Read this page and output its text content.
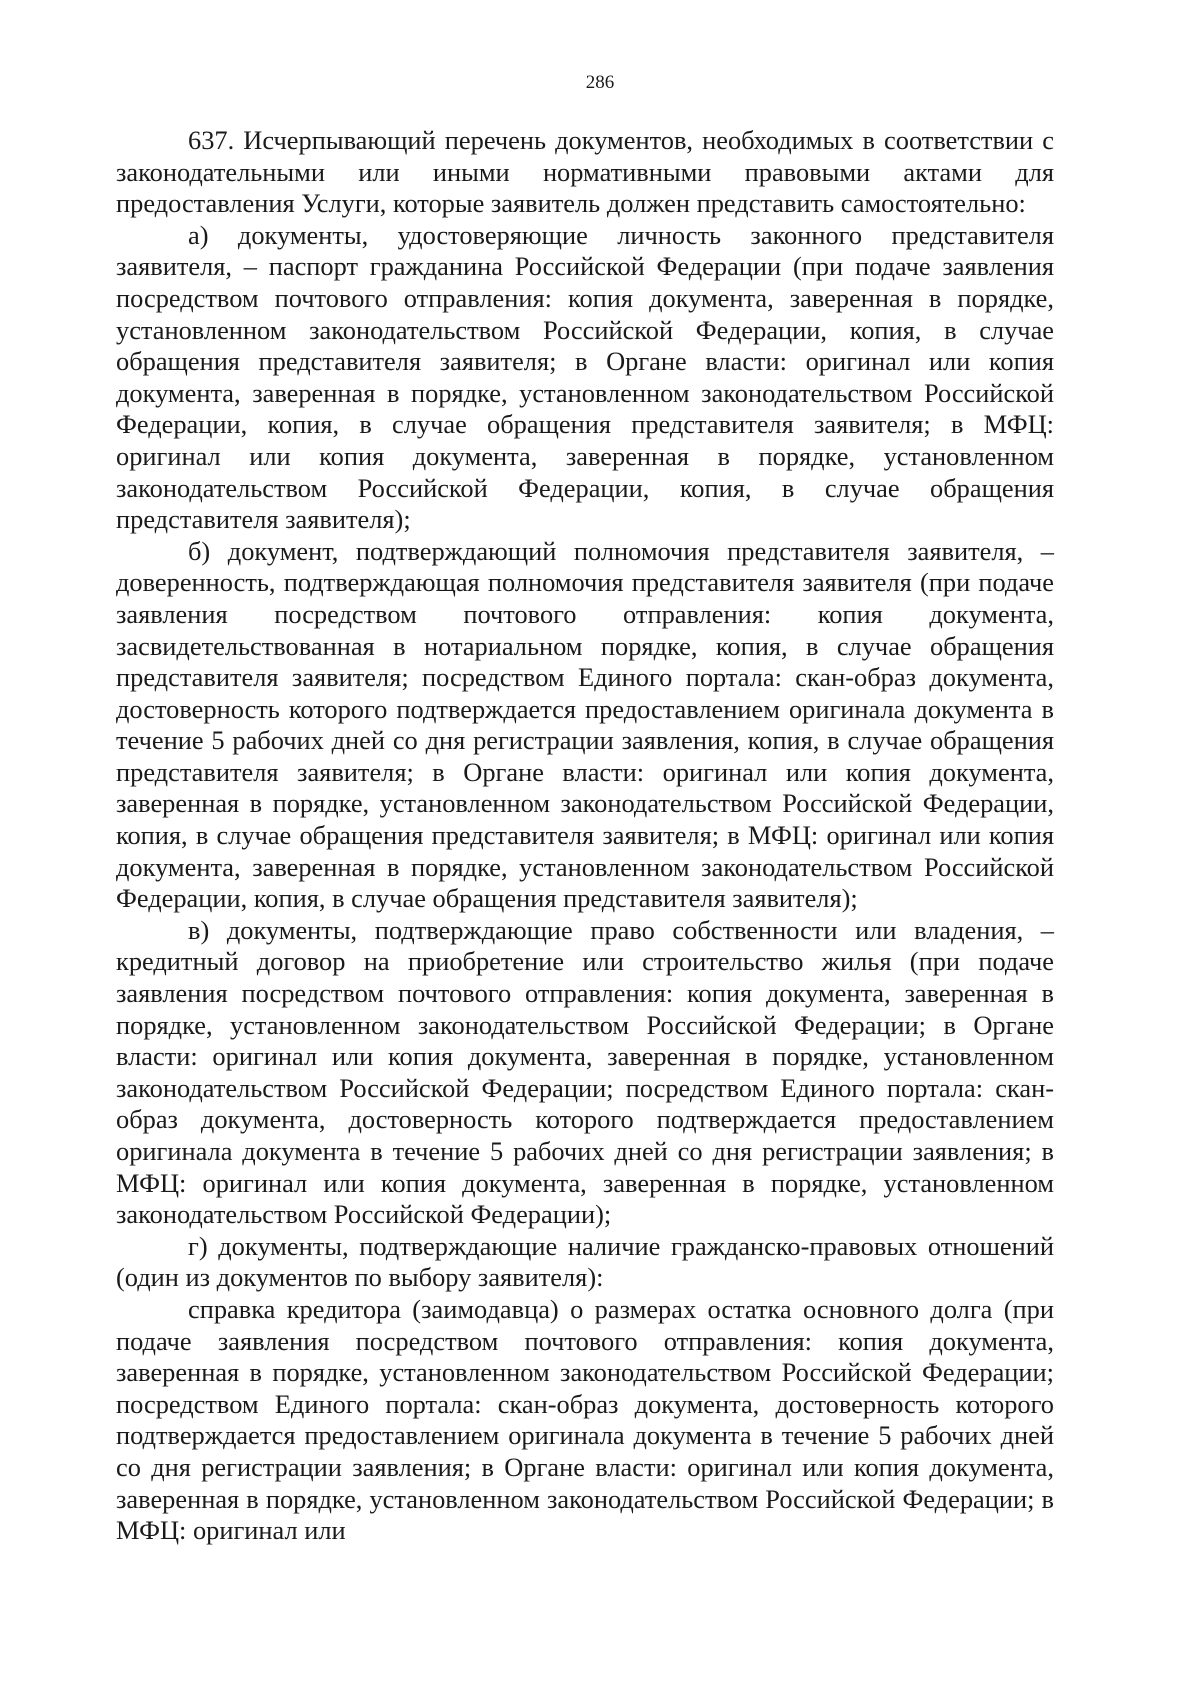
286

637. Исчерпывающий перечень документов, необходимых в соответствии с законодательными или иными нормативными правовыми актами для предоставления Услуги, которые заявитель должен представить самостоятельно:

а) документы, удостоверяющие личность законного представителя заявителя, – паспорт гражданина Российской Федерации (при подаче заявления посредством почтового отправления: копия документа, заверенная в порядке, установленном законодательством Российской Федерации, копия, в случае обращения представителя заявителя; в Органе власти: оригинал или копия документа, заверенная в порядке, установленном законодательством Российской Федерации, копия, в случае обращения представителя заявителя; в МФЦ: оригинал или копия документа, заверенная в порядке, установленном законодательством Российской Федерации, копия, в случае обращения представителя заявителя);

б) документ, подтверждающий полномочия представителя заявителя, – доверенность, подтверждающая полномочия представителя заявителя (при подаче заявления посредством почтового отправления: копия документа, засвидетельствованная в нотариальном порядке, копия, в случае обращения представителя заявителя; посредством Единого портала: скан-образ документа, достоверность которого подтверждается предоставлением оригинала документа в течение 5 рабочих дней со дня регистрации заявления, копия, в случае обращения представителя заявителя; в Органе власти: оригинал или копия документа, заверенная в порядке, установленном законодательством Российской Федерации, копия, в случае обращения представителя заявителя; в МФЦ: оригинал или копия документа, заверенная в порядке, установленном законодательством Российской Федерации, копия, в случае обращения представителя заявителя);

в) документы, подтверждающие право собственности или владения, – кредитный договор на приобретение или строительство жилья (при подаче заявления посредством почтового отправления: копия документа, заверенная в порядке, установленном законодательством Российской Федерации; в Органе власти: оригинал или копия документа, заверенная в порядке, установленном законодательством Российской Федерации; посредством Единого портала: скан-образ документа, достоверность которого подтверждается предоставлением оригинала документа в течение 5 рабочих дней со дня регистрации заявления; в МФЦ: оригинал или копия документа, заверенная в порядке, установленном законодательством Российской Федерации);

г) документы, подтверждающие наличие гражданско-правовых отношений (один из документов по выбору заявителя):

справка кредитора (заимодавца) о размерах остатка основного долга (при подаче заявления посредством почтового отправления: копия документа, заверенная в порядке, установленном законодательством Российской Федерации; посредством Единого портала: скан-образ документа, достоверность которого подтверждается предоставлением оригинала документа в течение 5 рабочих дней со дня регистрации заявления; в Органе власти: оригинал или копия документа, заверенная в порядке, установленном законодательством Российской Федерации; в МФЦ: оригинал или
